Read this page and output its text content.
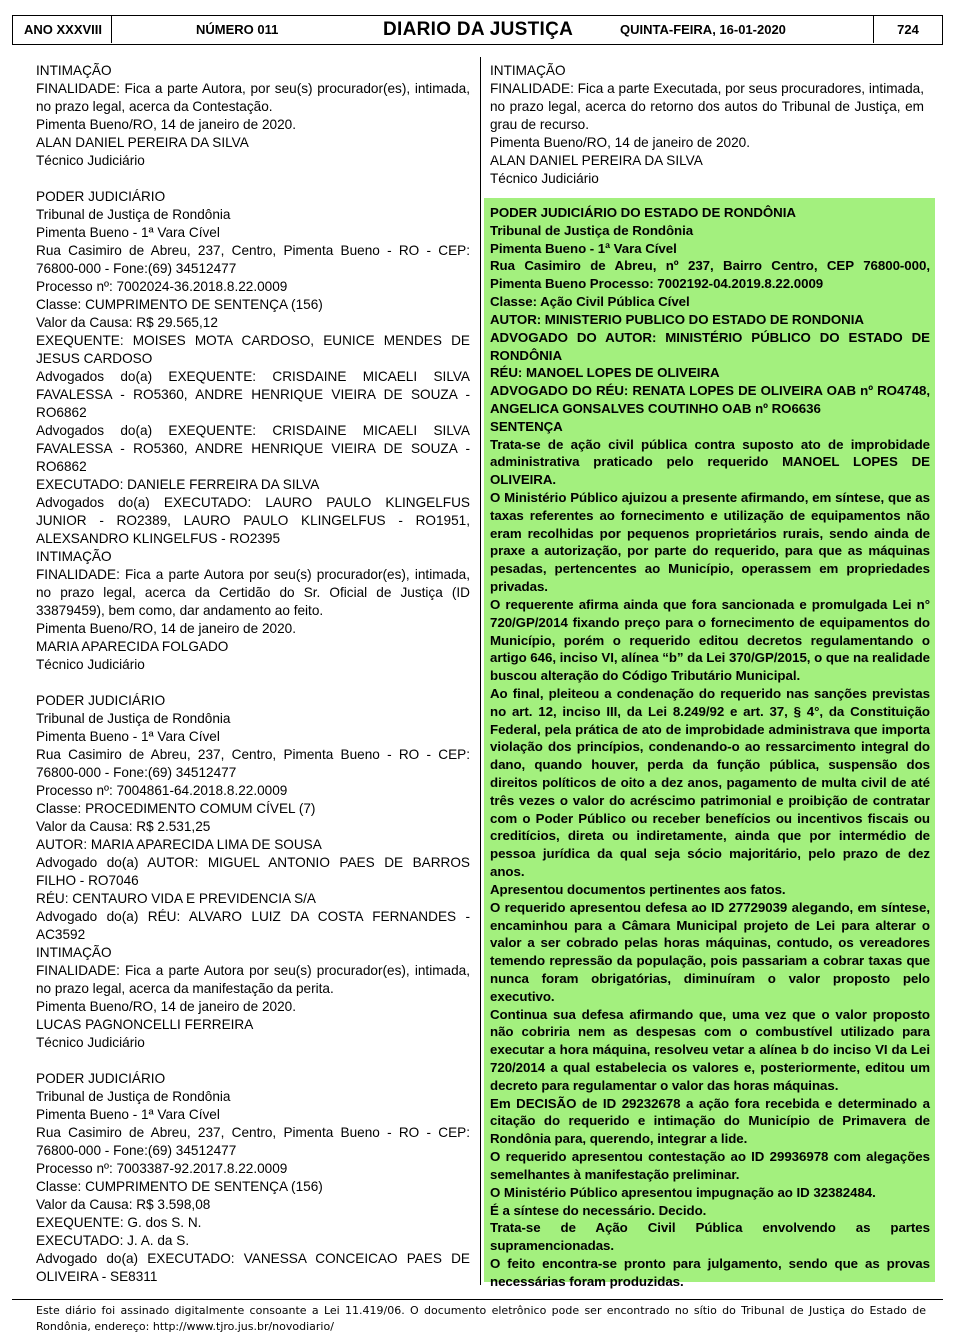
ANO XXXVIII	NÚMERO 011	DIARIO DA JUSTIÇA	QUINTA-FEIRA, 16-01-2020	724
INTIMAÇÃO
FINALIDADE: Fica a parte Autora, por seu(s) procurador(es), intimada, no prazo legal, acerca da Contestação.
Pimenta Bueno/RO, 14 de janeiro de 2020.
ALAN DANIEL PEREIRA DA SILVA
Técnico Judiciário
PODER JUDICIÁRIO
Tribunal de Justiça de Rondônia
Pimenta Bueno - 1ª Vara Cível
Rua Casimiro de Abreu, 237, Centro, Pimenta Bueno - RO - CEP: 76800-000 - Fone:(69) 34512477
Processo nº: 7002024-36.2018.8.22.0009
Classe: CUMPRIMENTO DE SENTENÇA (156)
Valor da Causa: R$ 29.565,12
EXEQUENTE: MOISES MOTA CARDOSO, EUNICE MENDES DE JESUS CARDOSO
Advogados do(a) EXEQUENTE: CRISDAINE MICAELI SILVA FAVALESSA - RO5360, ANDRE HENRIQUE VIEIRA DE SOUZA - RO6862
Advogados do(a) EXEQUENTE: CRISDAINE MICAELI SILVA FAVALESSA - RO5360, ANDRE HENRIQUE VIEIRA DE SOUZA - RO6862
EXECUTADO: DANIELE FERREIRA DA SILVA
Advogados do(a) EXECUTADO: LAURO PAULO KLINGELFUS JUNIOR - RO2389, LAURO PAULO KLINGELFUS - RO1951, ALEXSANDRO KLINGELFUS - RO2395
INTIMAÇÃO
FINALIDADE: Fica a parte Autora por seu(s) procurador(es), intimada, no prazo legal, acerca da Certidão do Sr. Oficial de Justiça (ID 33879459), bem como, dar andamento ao feito.
Pimenta Bueno/RO, 14 de janeiro de 2020.
MARIA APARECIDA FOLGADO
Técnico Judiciário
PODER JUDICIÁRIO
Tribunal de Justiça de Rondônia
Pimenta Bueno - 1ª Vara Cível
Rua Casimiro de Abreu, 237, Centro, Pimenta Bueno - RO - CEP: 76800-000 - Fone:(69) 34512477
Processo nº: 7004861-64.2018.8.22.0009
Classe: PROCEDIMENTO COMUM CÍVEL (7)
Valor da Causa: R$ 2.531,25
AUTOR: MARIA APARECIDA LIMA DE SOUSA
Advogado do(a) AUTOR: MIGUEL ANTONIO PAES DE BARROS FILHO - RO7046
RÉU: CENTAURO VIDA E PREVIDENCIA S/A
Advogado do(a) RÉU: ALVARO LUIZ DA COSTA FERNANDES - AC3592
INTIMAÇÃO
FINALIDADE: Fica a parte Autora por seu(s) procurador(es), intimada, no prazo legal, acerca da manifestação da perita.
Pimenta Bueno/RO, 14 de janeiro de 2020.
LUCAS PAGNONCELLI FERREIRA
Técnico Judiciário
PODER JUDICIÁRIO
Tribunal de Justiça de Rondônia
Pimenta Bueno - 1ª Vara Cível
Rua Casimiro de Abreu, 237, Centro, Pimenta Bueno - RO - CEP: 76800-000 - Fone:(69) 34512477
Processo nº: 7003387-92.2017.8.22.0009
Classe: CUMPRIMENTO DE SENTENÇA (156)
Valor da Causa: R$ 3.598,08
EXEQUENTE: G. dos S. N.
EXECUTADO: J. A. da S.
Advogado do(a) EXECUTADO: VANESSA CONCEICAO PAES DE OLIVEIRA - SE8311
INTIMAÇÃO
FINALIDADE: Fica a parte Executada, por seus procuradores, intimada, no prazo legal, acerca do retorno dos autos do Tribunal de Justiça, em grau de recurso.
Pimenta Bueno/RO, 14 de janeiro de 2020.
ALAN DANIEL PEREIRA DA SILVA
Técnico Judiciário
PODER JUDICIÁRIO DO ESTADO DE RONDÔNIA
Tribunal de Justiça de Rondônia
Pimenta Bueno - 1ª Vara Cível
Rua Casimiro de Abreu, nº 237, Bairro Centro, CEP 76800-000, Pimenta Bueno Processo: 7002192-04.2019.8.22.0009
Classe: Ação Civil Pública Cível
AUTOR: MINISTERIO PUBLICO DO ESTADO DE RONDONIA
ADVOGADO DO AUTOR: MINISTÉRIO PÚBLICO DO ESTADO DE RONDÔNIA
RÉU: MANOEL LOPES DE OLIVEIRA
ADVOGADO DO RÉU: RENATA LOPES DE OLIVEIRA OAB nº RO4748, ANGELICA GONSALVES COUTINHO OAB nº RO6636
SENTENÇA
Trata-se de ação civil pública contra suposto ato de improbidade administrativa praticado pelo requerido MANOEL LOPES DE OLIVEIRA.
O Ministério Público ajuizou a presente afirmando, em síntese, que as taxas referentes ao fornecimento e utilização de equipamentos não eram recolhidas por pequenos proprietários rurais, sendo ainda de praxe a autorização, por parte do requerido, para que as máquinas pesadas, pertencentes ao Município, operassem em propriedades privadas.
O requerente afirma ainda que fora sancionada e promulgada Lei n° 720/GP/2014 fixando preço para o fornecimento de equipamentos do Município, porém o requerido editou decretos regulamentando o artigo 646, inciso VI, alínea “b” da Lei 370/GP/2015, o que na realidade buscou alteração do Código Tributário Municipal.
Ao final, pleiteou a condenação do requerido nas sanções previstas no art. 12, inciso III, da Lei 8.249/92 e art. 37, § 4°, da Constituição Federal, pela prática de ato de improbidade administrava que importa violação dos princípios, condenando-o ao ressarcimento integral do dano, quando houver, perda da função pública, suspensão dos direitos políticos de oito a dez anos, pagamento de multa civil de até três vezes o valor do acréscimo patrimonial e proibição de contratar com o Poder Público ou receber benefícios ou incentivos fiscais ou creditícios, direta ou indiretamente, ainda que por intermédio de pessoa jurídica da qual seja sócio majoritário, pelo prazo de dez anos.
Apresentou documentos pertinentes aos fatos.
O requerido apresentou defesa ao ID 27729039 alegando, em síntese, encaminhou para a Câmara Municipal projeto de Lei para alterar o valor a ser cobrado pelas horas máquinas, contudo, os vereadores temendo repressão da população, pois passariam a cobrar taxas que nunca foram obrigatórias, diminuíram o valor proposto pelo executivo.
Continua sua defesa afirmando que, uma vez que o valor proposto não cobriria nem as despesas com o combustível utilizado para executar a hora máquina, resolveu vetar a alínea b do inciso VI da Lei 720/2014 a qual estabelecia os valores e, posteriormente, editou um decreto para regulamentar o valor das horas máquinas.
Em DECISÃO de ID 29232678 a ação fora recebida e determinado a citação do requerido e intimação do Município de Primavera de Rondônia para, querendo, integrar a lide.
O requerido apresentou contestação ao ID 29936978 com alegações semelhantes à manifestação preliminar.
O Ministério Público apresentou impugnação ao ID 32382484.
É a síntese do necessário. Decido.
Trata-se de Ação Civil Pública envolvendo as partes supramencionadas.
O feito encontra-se pronto para julgamento, sendo que as provas necessárias foram produzidas.
Este diário foi assinado digitalmente consoante a Lei 11.419/06. O documento eletrônico pode ser encontrado no sítio do Tribunal de Justiça do Estado de Rondônia, endereço: http://www.tjro.jus.br/novodiario/
